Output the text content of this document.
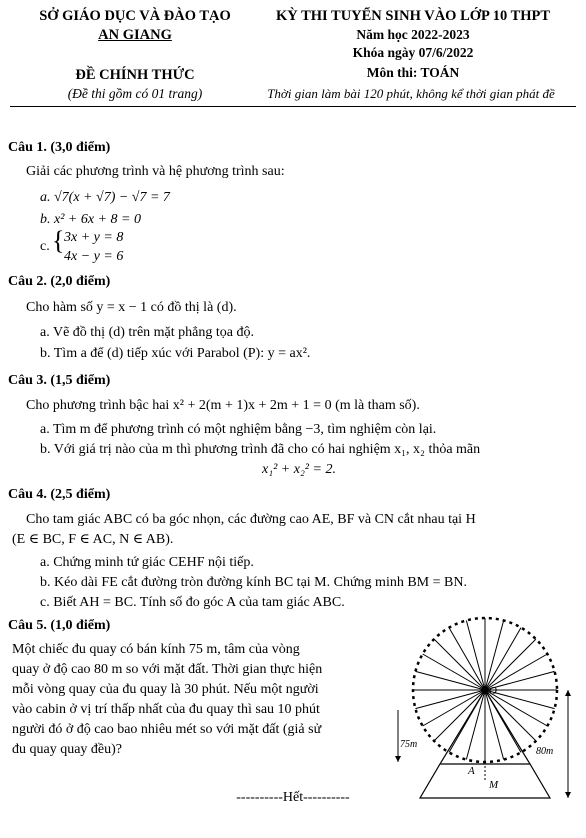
SỞ GIÁO DỤC VÀ ĐÀO TẠO
AN GIANG
ĐỀ CHÍNH THỨC
(Đề thi gồm có 01 trang)
KỲ THI TUYỂN SINH VÀO LỚP 10 THPT
Năm học 2022-2023
Khóa ngày 07/6/2022
Môn thi: TOÁN
Thời gian làm bài 120 phút, không kể thời gian phát đề
Câu 1. (3,0 điểm)
Giải các phương trình và hệ phương trình sau:
a. √7(x + √7) − √7 = 7
b. x² + 6x + 8 = 0
c. { 3x + y = 8
4x − y = 6
Câu 2. (2,0 điểm)
Cho hàm số y = x − 1 có đồ thị là (d).
a. Vẽ đồ thị (d) trên mặt phẳng tọa độ.
b. Tìm a để (d) tiếp xúc với Parabol (P): y = ax².
Câu 3. (1,5 điểm)
Cho phương trình bậc hai x² + 2(m + 1)x + 2m + 1 = 0 (m là tham số).
a. Tìm m để phương trình có một nghiệm bằng −3, tìm nghiệm còn lại.
b. Với giá trị nào của m thì phương trình đã cho có hai nghiệm x₁, x₂ thỏa mãn
x₁² + x₂² = 2.
Câu 4. (2,5 điểm)
Cho tam giác ABC có ba góc nhọn, các đường cao AE, BF và CN cắt nhau tại H
(E ∈ BC, F ∈ AC, N ∈ AB).
a. Chứng minh tứ giác CEHF nội tiếp.
b. Kéo dài FE cắt đường tròn đường kính BC tại M. Chứng minh BM = BN.
c. Biết AH = BC. Tính số đo góc A của tam giác ABC.
Câu 5. (1,0 điểm)
Một chiếc đu quay có bán kính 75 m, tâm của vòng
quay ở độ cao 80 m so với mặt đất. Thời gian thực hiện
mỗi vòng quay của đu quay là 30 phút. Nếu một người
vào cabin ở vị trí thấp nhất của đu quay thì sau 10 phút
người đó ở độ cao bao nhiêu mét so với mặt đất (giả sử
đu quay quay đều)?
O
75m
80m
A
M
----------Hết----------
